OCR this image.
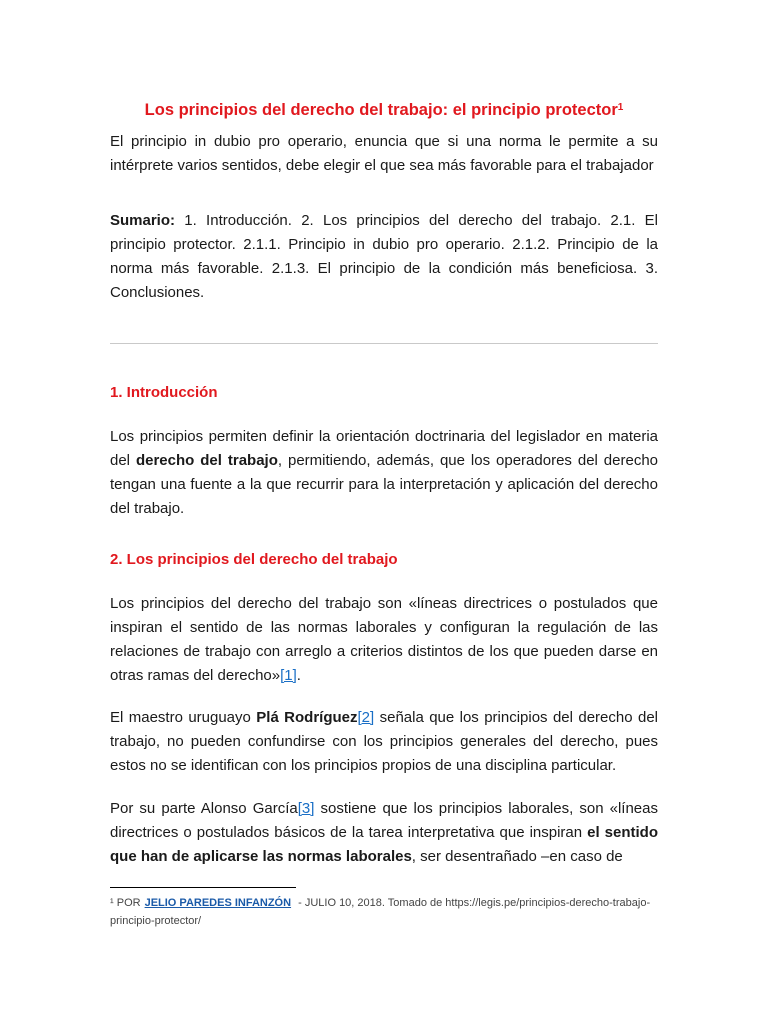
Los principios del derecho del trabajo: el principio protector$^1$

El principio in dubio pro operario, enuncia que si una norma le permite a su intérprete varios sentidos, debe elegir el que sea más favorable para el trabajador

Sumario: 1. Introducción. 2. Los principios del derecho del trabajo. 2.1. El principio protector. 2.1.1. Principio in dubio pro operario. 2.1.2. Principio de la norma más favorable. 2.1.3. El principio de la condición más beneficiosa. 3. Conclusiones.

1. Introducción

Los principios permiten definir la orientación doctrinaria del legislador en materia del derecho del trabajo, permitiendo, además, que los operadores del derecho tengan una fuente a la que recurrir para la interpretación y aplicación del derecho del trabajo.

2. Los principios del derecho del trabajo

Los principios del derecho del trabajo son «líneas directrices o postulados que inspiran el sentido de las normas laborales y configuran la regulación de las relaciones de trabajo con arreglo a criterios distintos de los que pueden darse en otras ramas del derecho»[1].

El maestro uruguayo Plá Rodríguez[2] señala que los principios del derecho del trabajo, no pueden confundirse con los principios generales del derecho, pues estos no se identifican con los principios propios de una disciplina particular.

Por su parte Alonso García[3] sostiene que los principios laborales, son «líneas directrices o postulados básicos de la tarea interpretativa que inspiran el sentido que han de aplicarse las normas laborales, ser desentrañado –en caso de

¹ POR JELIO PAREDES INFANZÓN - JULIO 10, 2018. Tomado de https://legis.pe/principios-derecho-trabajo-principio-protector/
